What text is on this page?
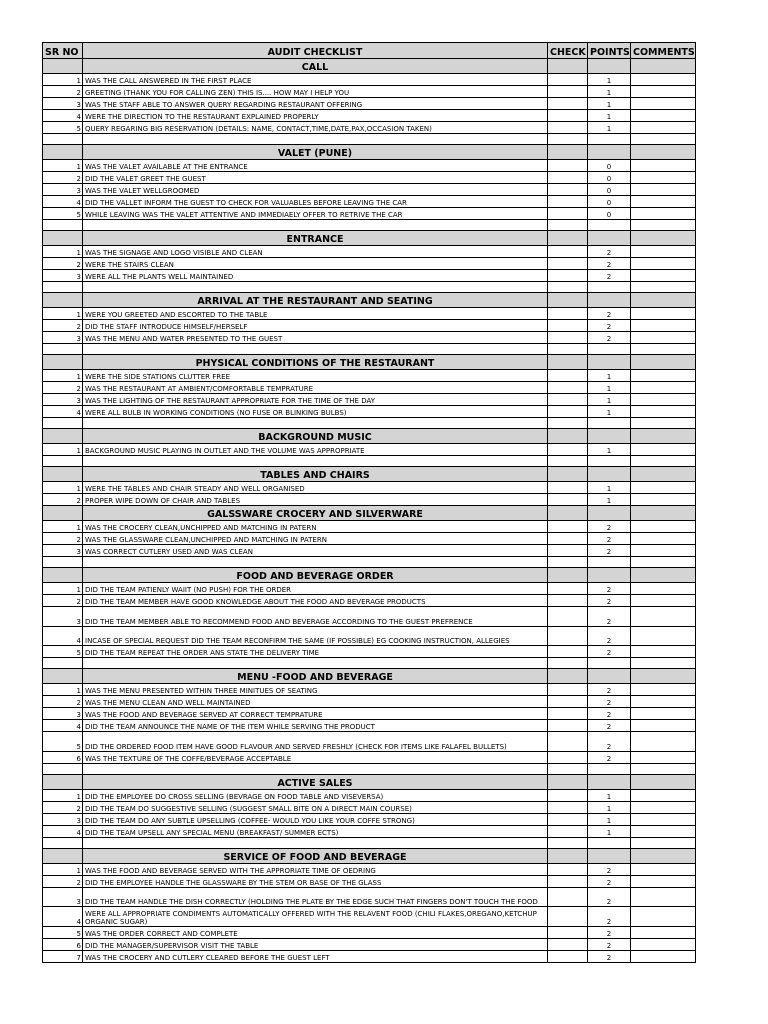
SR NO	AUDIT CHECKLIST	CHECK	POINTS	COMMENTS
	CALL			
1	WAS THE CALL ANSWERED IN THE FIRST PLACE		1	
2	GREETING (THANK YOU FOR CALLING ZEN) THIS IS.... HOW MAY I HELP YOU		1	
3	WAS THE STAFF ABLE TO ANSWER QUERY REGARDING RESTAURANT OFFERING		1	
4	WERE THE DIRECTION TO THE RESTAURANT EXPLAINED PROPERLY		1	
5	QUERY REGARING BIG RESERVATION (DETAILS: NAME, CONTACT,TIME,DATE,PAX,OCCASION TAKEN)		1	

	VALET (PUNE)			
1	WAS THE VALET AVAILABLE AT THE ENTRANCE		0	
2	DID THE VALET GREET THE GUEST		0	
3	WAS THE VALET WELLGROOMED		0	
4	DID THE VALLET INFORM THE GUEST TO CHECK FOR VALUABLES BEFORE LEAVING THE CAR		0	
5	WHILE LEAVING WAS THE VALET ATTENTIVE AND IMMEDIAELY OFFER TO RETRIVE THE CAR		0	

	ENTRANCE			
1	WAS THE SIGNAGE AND LOGO VISIBLE AND CLEAN		2	
2	WERE THE STAIRS CLEAN		2	
3	WERE ALL THE PLANTS WELL MAINTAINED		2	

	ARRIVAL AT THE RESTAURANT AND SEATING			
1	WERE YOU GREETED AND ESCORTED TO THE TABLE		2	
2	DID THE STAFF INTRODUCE HIMSELF/HERSELF		2	
3	WAS THE MENU AND WATER PRESENTED TO THE GUEST		2	

	PHYSICAL CONDITIONS OF THE RESTAURANT			
1	WERE THE SIDE STATIONS CLUTTER FREE		1	
2	WAS THE RESTAURANT AT AMBIENT/COMFORTABLE TEMPRATURE		1	
3	WAS THE LIGHTING OF THE RESTAURANT APPROPRIATE FOR THE TIME OF THE DAY		1	
4	WERE ALL BULB IN WORKING CONDITIONS (NO FUSE OR BLINKING BULBS)		1	

	BACKGROUND MUSIC			
1	BACKGROUND MUSIC PLAYING IN OUTLET AND THE VOLUME WAS APPROPRIATE		1	

	TABLES AND CHAIRS			
1	WERE THE TABLES AND CHAIR STEADY AND WELL ORGANISED		1	
2	PROPER WIPE DOWN OF CHAIR AND TABLES		1	
	GALSSWARE CROCERY AND SILVERWARE			
1	WAS THE CROCERY CLEAN,UNCHIPPED AND MATCHING IN PATERN		2	
2	WAS THE GLASSWARE CLEAN,UNCHIPPED AND MATCHING IN PATERN		2	
3	WAS CORRECT CUTLERY USED AND WAS CLEAN		2	

	FOOD AND BEVERAGE ORDER			
1	DID THE TEAM PATIENLY WAIIT (NO PUSH) FOR THE ORDER		2	
2	DID THE TEAM MEMBER HAVE GOOD KNOWLEDGE ABOUT THE FOOD AND BEVERAGE PRODUCTS		2	
3	DID THE TEAM MEMBER ABLE TO RECOMMEND FOOD AND BEVERAGE ACCORDING TO THE GUEST PREFRENCE		2	
4	INCASE OF SPECIAL REQUEST DID THE TEAM RECONFIRM THE SAME (IF POSSIBLE) EG COOKING INSTRUCTION, ALLEGIES		2	
5	DID THE TEAM REPEAT THE ORDER ANS STATE THE DELIVERY TIME		2	

	MENU -FOOD AND BEVERAGE			
1	WAS THE MENU PRESENTED WITHIN THREE MINITUES OF SEATING		2	
2	WAS THE MENU CLEAN AND WELL MAINTAINED		2	
3	WAS THE FOOD AND BEVERAGE SERVED AT CORRECT TEMPRATURE		2	
4	DID THE TEAM ANNOUNCE THE NAME OF THE ITEM WHILE SERVING THE PRODUCT		2	
5	DID THE ORDERED FOOD ITEM HAVE GOOD FLAVOUR AND SERVED FRESHLY (CHECK FOR ITEMS LIKE FALAFEL BULLETS)		2	
6	WAS THE TEXTURE OF THE COFFE/BEVERAGE ACCEPTABLE		2	

	ACTIVE SALES			
1	DID THE EMPLOYEE DO CROSS SELLING (BEVRAGE ON FOOD TABLE AND VISEVERSA)		1	
2	DID THE TEAM DO SUGGESTIVE SELLING (SUGGEST SMALL BITE ON A DIRECT MAIN COURSE)		1	
3	DID THE TEAM DO ANY SUBTLE UPSELLING (COFFEE- WOULD YOU LIKE YOUR COFFE STRONG)		1	
4	DID THE TEAM UPSELL ANY SPECIAL MENU (BREAKFAST/ SUMMER ECTS)		1	

	SERVICE OF FOOD AND BEVERAGE			
1	WAS THE FOOD AND BEVERAGE SERVED WITH THE APPRORIATE TIME OF OEDRING		2	
2	DID THE EMPLOYEE HANDLE THE GLASSWARE BY THE STEM OR BASE OF THE GLASS		2	
3	DID THE TEAM HANDLE THE DISH CORRECTLY (HOLDING THE PLATE BY THE EDGE SUCH THAT FINGERS DON'T TOUCH THE FOOD		2	
4	WERE ALL APPROPRIATE CONDIMENTS AUTOMATICALLY OFFERED WITH THE RELAVENT FOOD (CHILI FLAKES,OREGANO,KETCHUP ORGANIC SUGAR)		2	
5	WAS THE ORDER CORRECT AND COMPLETE		2	
6	DID THE MANAGER/SUPERVISOR VISIT THE TABLE		2	
7	WAS THE CROCERY AND CUTLERY CLEARED BEFORE THE GUEST LEFT		2	
